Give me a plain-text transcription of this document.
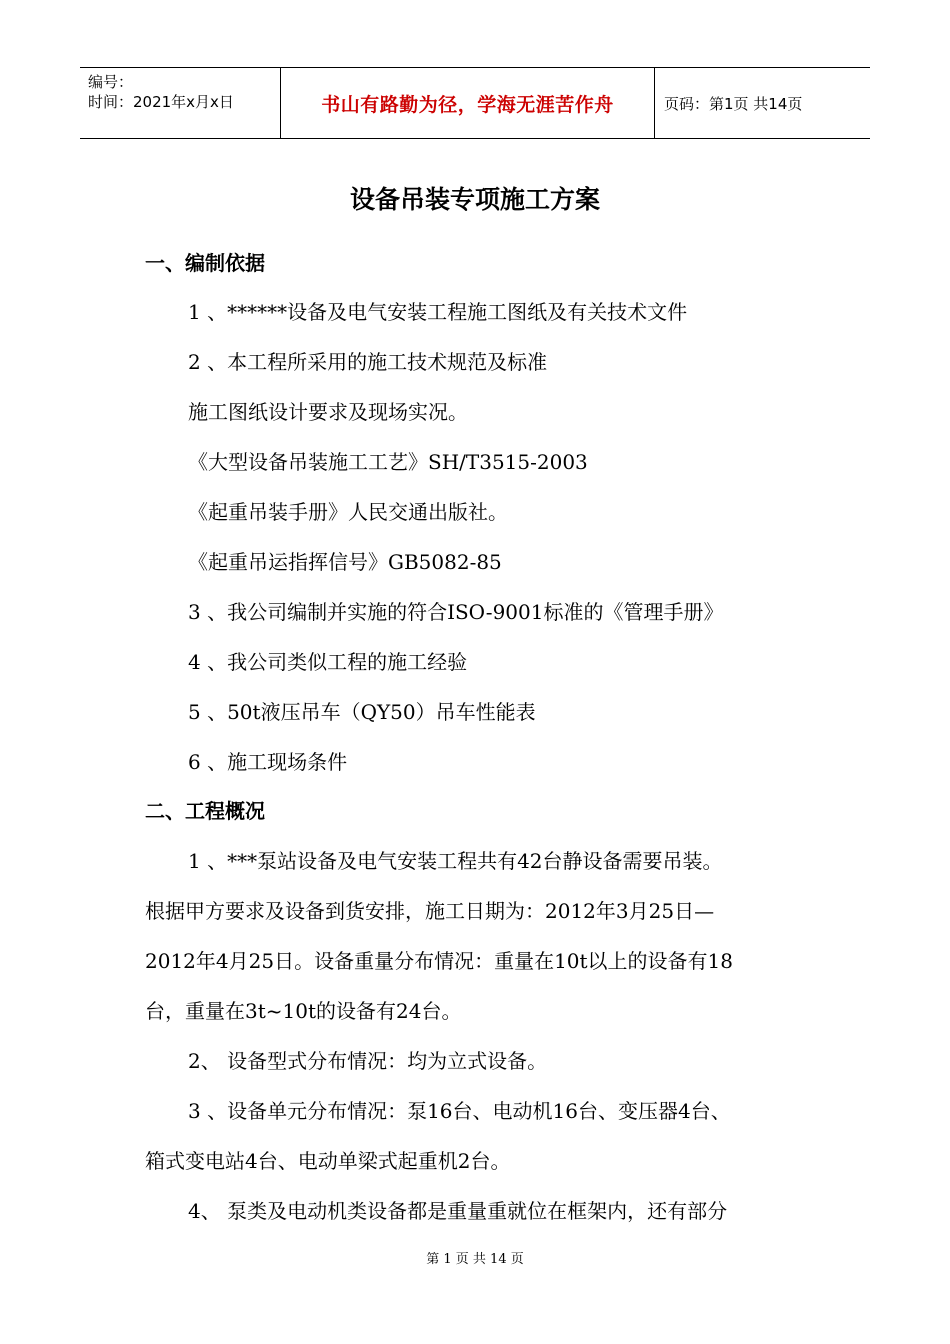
编号：
时间：2021年x月x日	书山有路勤为径，学海无涯苦作舟	页码：第1页 共14页
设备吊装专项施工方案
一、编制依据
1 、******设备及电气安装工程施工图纸及有关技术文件
2 、本工程所采用的施工技术规范及标准
施工图纸设计要求及现场实况。
《大型设备吊装施工工艺》SH/T3515-2003
《起重吊装手册》人民交通出版社。
《起重吊运指挥信号》GB5082-85
3 、我公司编制并实施的符合ISO-9001标准的《管理手册》
4 、我公司类似工程的施工经验
5 、50t液压吊车（QY50）吊车性能表
6 、施工现场条件
二、工程概况
1 、***泵站设备及电气安装工程共有42台静设备需要吊装。
根据甲方要求及设备到货安排，施工日期为：2012年3月25日—
2012年4月25日。设备重量分布情况：重量在10t以上的设备有18
台，重量在3t~10t的设备有24台。
2、 设备型式分布情况：均为立式设备。
3 、设备单元分布情况：泵16台、电动机16台、变压器4台、
箱式变电站4台、电动单梁式起重机2台。
4、 泵类及电动机类设备都是重量重就位在框架内，还有部分
第 1 页 共 14 页
